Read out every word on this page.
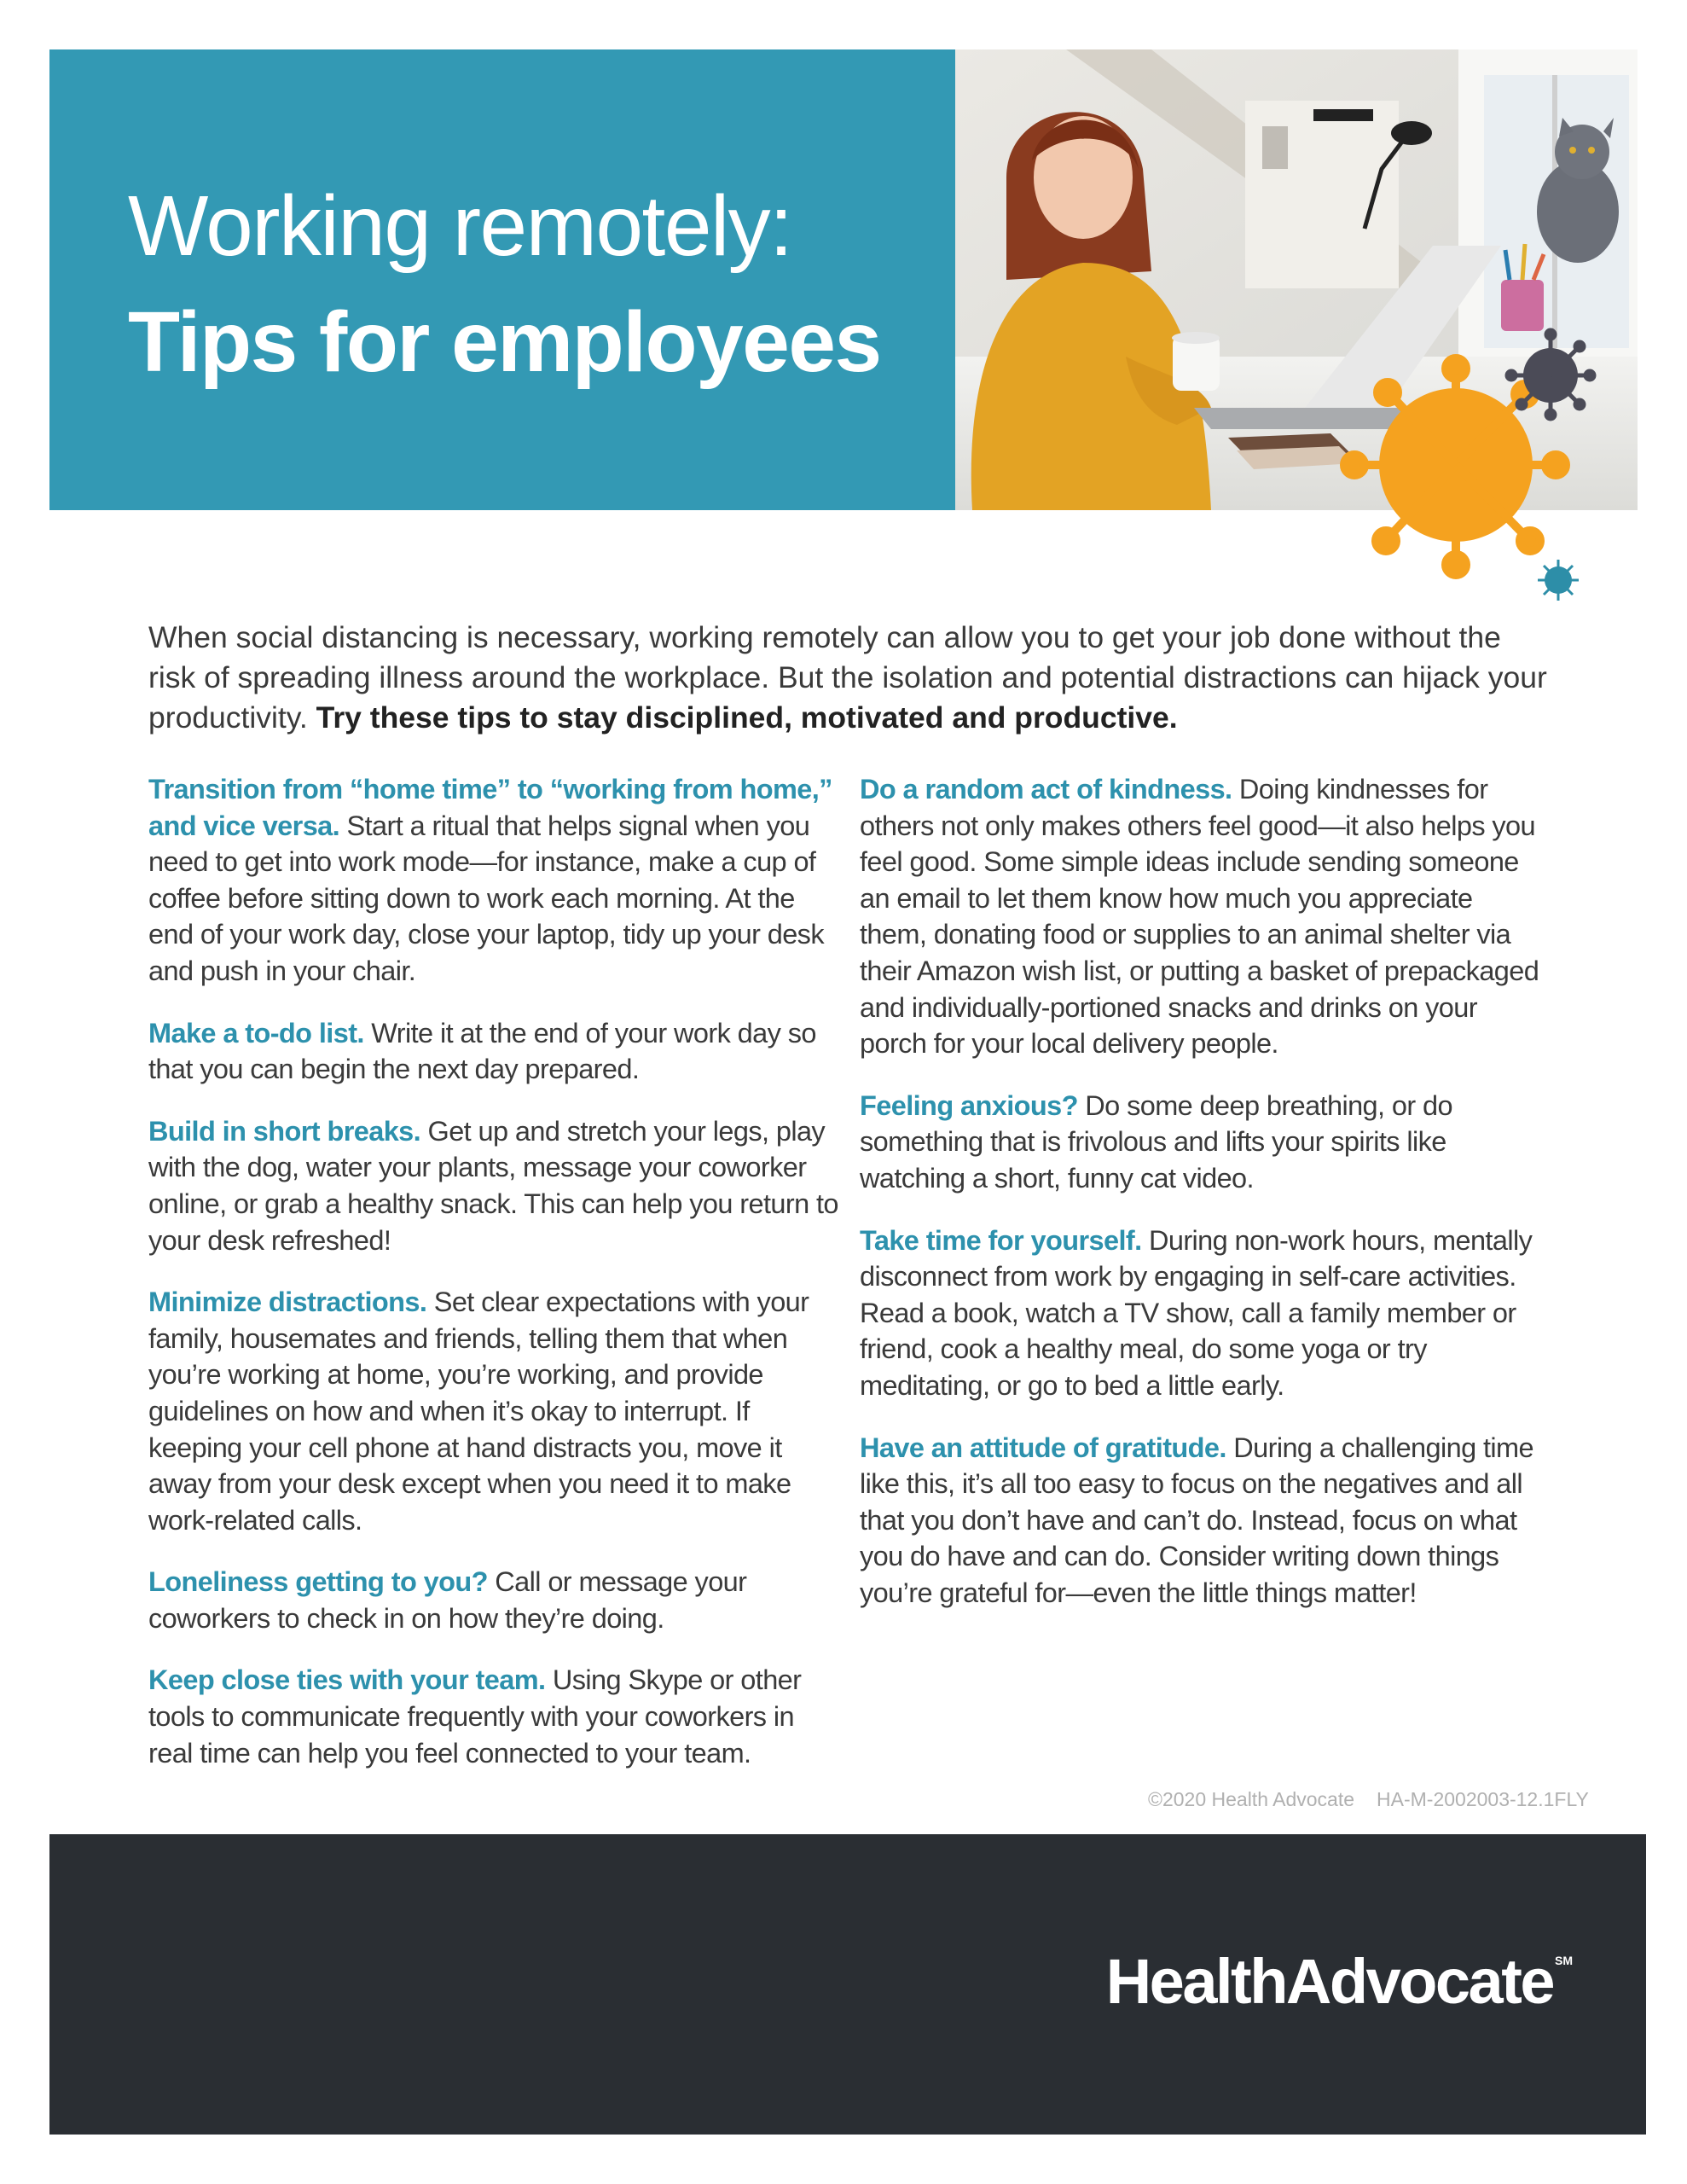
Working remotely:
Tips for employees

When social distancing is necessary, working remotely can allow you to get your job done without the risk of spreading illness around the workplace. But the isolation and potential distractions can hijack your productivity. Try these tips to stay disciplined, motivated and productive.

Transition from “home time” to “working from home,” and vice versa. Start a ritual that helps signal when you need to get into work mode—for instance, make a cup of coffee before sitting down to work each morning. At the end of your work day, close your laptop, tidy up your desk and push in your chair.

Make a to-do list. Write it at the end of your work day so that you can begin the next day prepared.

Build in short breaks. Get up and stretch your legs, play with the dog, water your plants, message your coworker online, or grab a healthy snack. This can help you return to your desk refreshed!

Minimize distractions. Set clear expectations with your family, housemates and friends, telling them that when you’re working at home, you’re working, and provide guidelines on how and when it’s okay to interrupt. If keeping your cell phone at hand distracts you, move it away from your desk except when you need it to make work-related calls.

Loneliness getting to you? Call or message your coworkers to check in on how they’re doing.

Keep close ties with your team. Using Skype or other tools to communicate frequently with your coworkers in real time can help you feel connected to your team.

Do a random act of kindness. Doing kindnesses for others not only makes others feel good—it also helps you feel good. Some simple ideas include sending someone an email to let them know how much you appreciate them, donating food or supplies to an animal shelter via their Amazon wish list, or putting a basket of prepackaged and individually-portioned snacks and drinks on your porch for your local delivery people.

Feeling anxious? Do some deep breathing, or do something that is frivolous and lifts your spirits like watching a short, funny cat video.

Take time for yourself. During non-work hours, mentally disconnect from work by engaging in self-care activities. Read a book, watch a TV show, call a family member or friend, cook a healthy meal, do some yoga or try meditating, or go to bed a little early.

Have an attitude of gratitude. During a challenging time like this, it’s all too easy to focus on the negatives and all that you don’t have and can’t do. Instead, focus on what you do have and can do. Consider writing down things you’re grateful for—even the little things matter!

©2020 Health Advocate HA-M-2002003-12.1FLY
HealthAdvocate ℠
